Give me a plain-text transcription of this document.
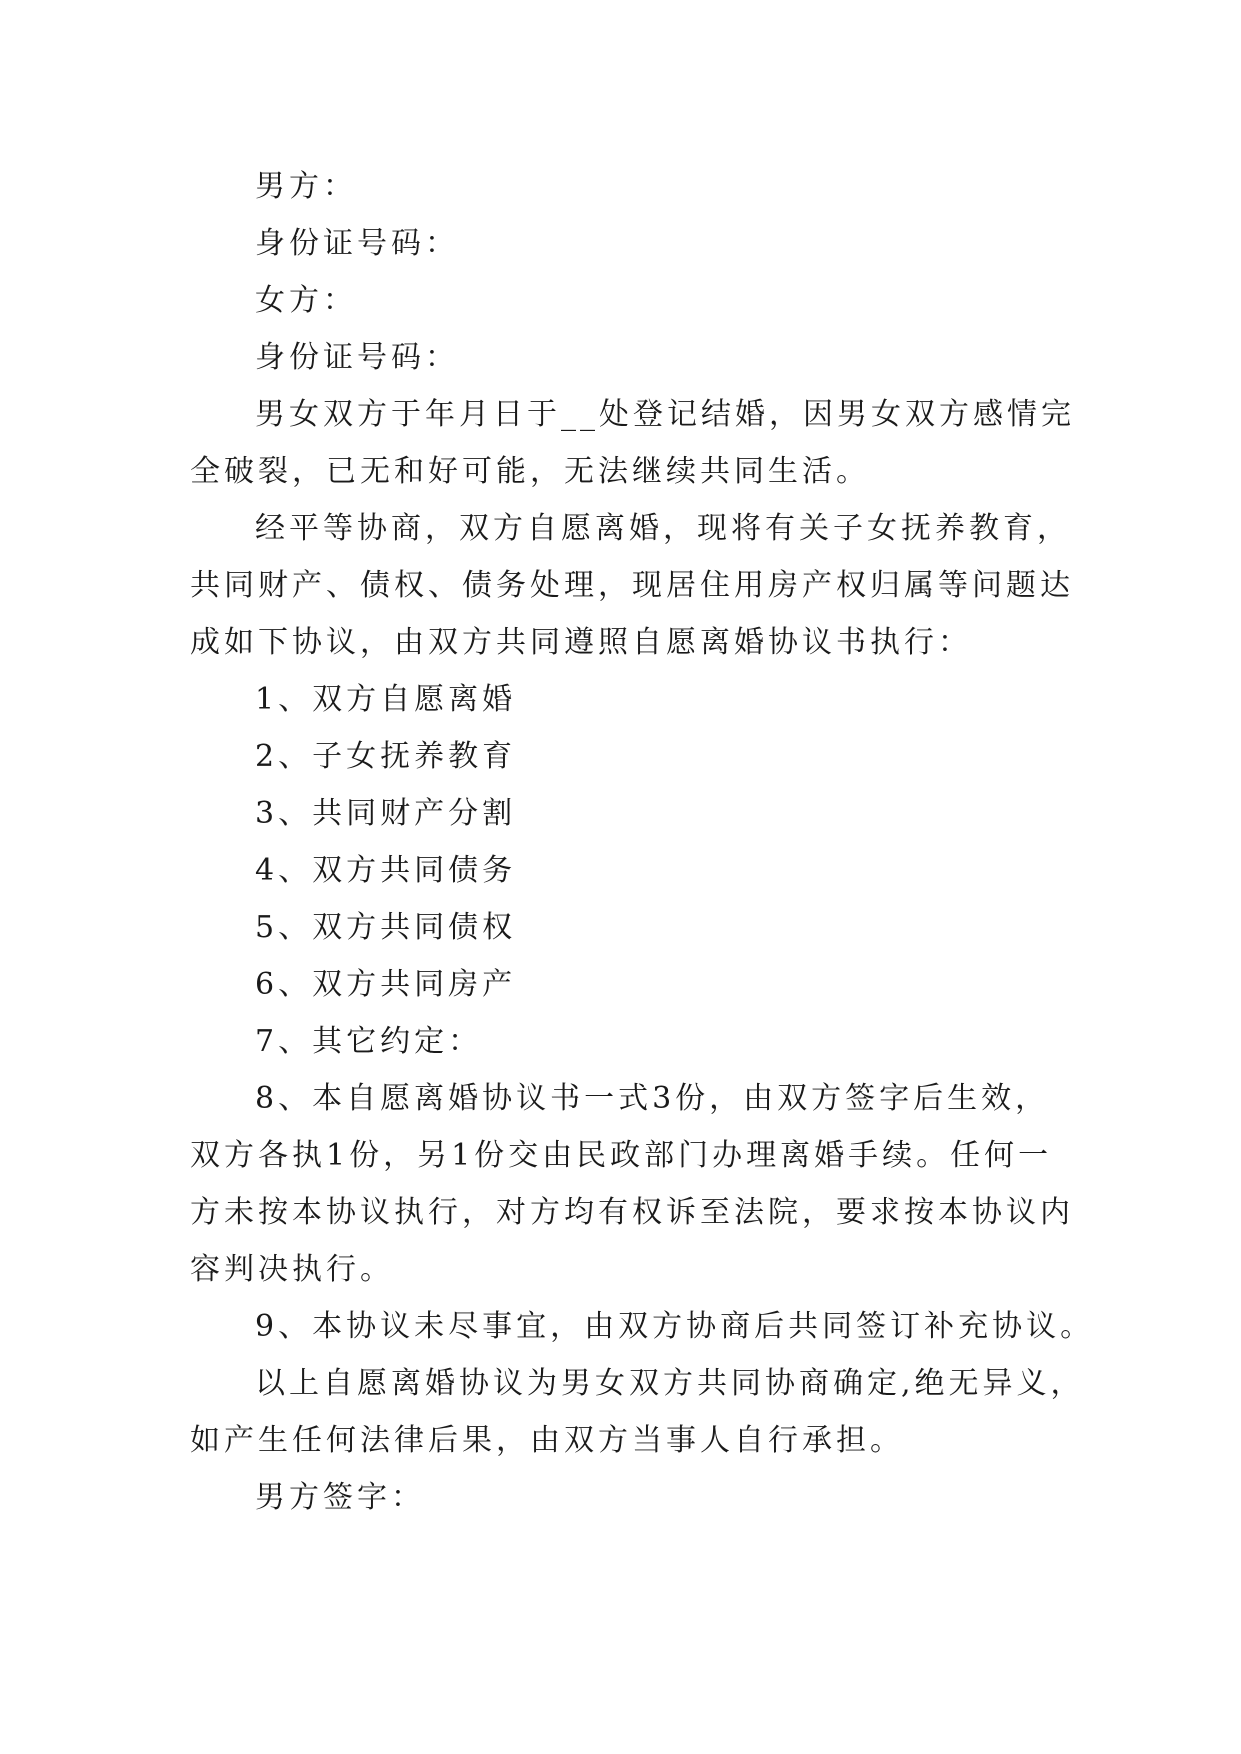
男方：
身份证号码：
女方：
身份证号码：
男女双方于年月日于__处登记结婚，因男女双方感情完
全破裂，已无和好可能，无法继续共同生活。
经平等协商，双方自愿离婚，现将有关子女抚养教育，
共同财产、债权、债务处理，现居住用房产权归属等问题达
成如下协议，由双方共同遵照自愿离婚协议书执行：
1、双方自愿离婚
2、子女抚养教育
3、共同财产分割
4、双方共同债务
5、双方共同债权
6、双方共同房产
7、其它约定：
8、本自愿离婚协议书一式3份，由双方签字后生效，
双方各执1份，另1份交由民政部门办理离婚手续。任何一
方未按本协议执行，对方均有权诉至法院，要求按本协议内
容判决执行。
9、本协议未尽事宜，由双方协商后共同签订补充协议。
以上自愿离婚协议为男女双方共同协商确定,绝无异义，
如产生任何法律后果，由双方当事人自行承担。
男方签字：
